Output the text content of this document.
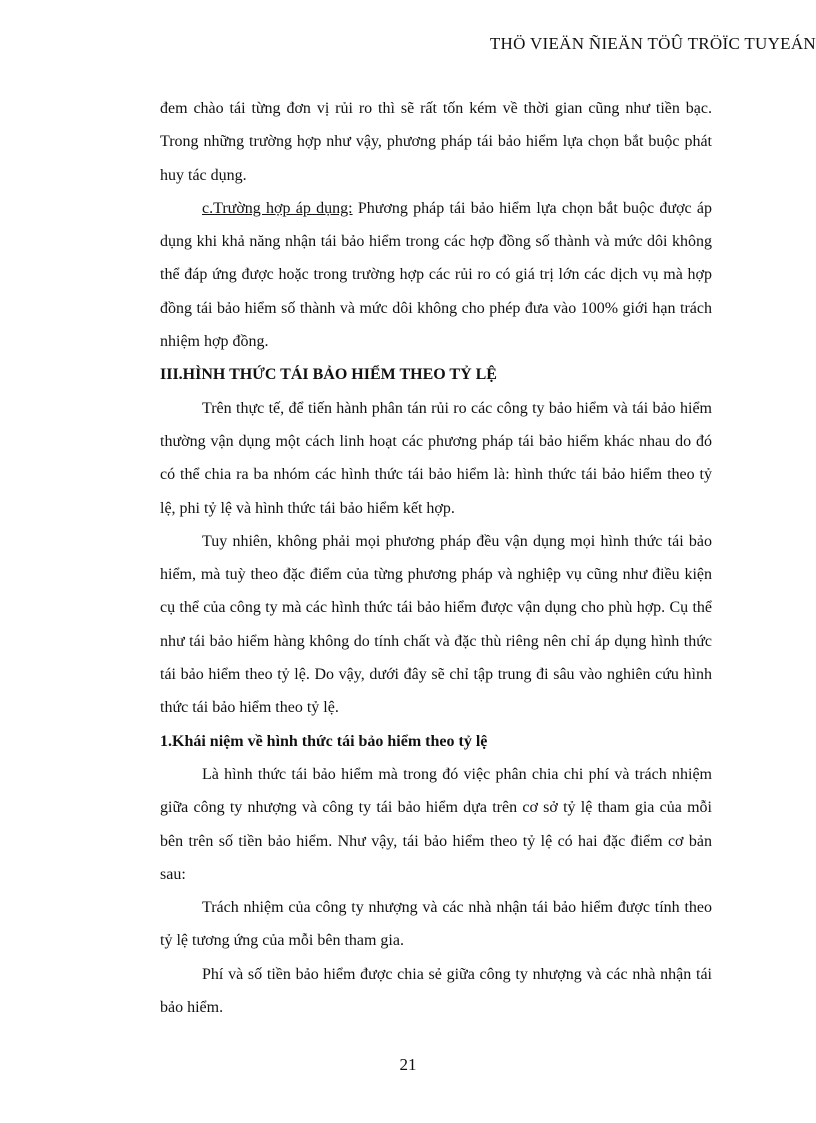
THÖ VIEÄN ÑIEÄN TÖÛ TRÖÏC TUYEÁN

đem chào tái từng đơn vị rủi ro thì sẽ rất tốn kém về thời gian cũng như tiền bạc. Trong những trường hợp như vậy, phương pháp tái bảo hiểm lựa chọn bắt buộc phát huy tác dụng.

c.Trường hợp áp dụng: Phương pháp tái bảo hiểm lựa chọn bắt buộc được áp dụng khi khả năng nhận tái bảo hiểm trong các hợp đồng số thành và mức dôi không thể đáp ứng được hoặc trong trường hợp các rủi ro có giá trị lớn các dịch vụ mà hợp đồng tái bảo hiểm số thành và mức dôi không cho phép đưa vào 100% giới hạn trách nhiệm hợp đồng.

III.HÌNH THỨC TÁI BẢO HIỂM THEO TỶ LỆ

Trên thực tế, để tiến hành phân tán rủi ro các công ty bảo hiểm và tái bảo hiểm thường vận dụng một cách linh hoạt các phương pháp tái bảo hiểm khác nhau do đó có thể chia ra ba nhóm các hình thức tái bảo hiểm là: hình thức tái bảo hiểm theo tỷ lệ, phi tỷ lệ và hình thức tái bảo hiểm kết hợp.

Tuy nhiên, không phải mọi phương pháp đều vận dụng mọi hình thức tái bảo hiểm, mà tuỳ theo đặc điểm của từng phương pháp và nghiệp vụ cũng như điều kiện cụ thể của công ty mà các hình thức tái bảo hiểm được vận dụng cho phù hợp. Cụ thể như tái bảo hiểm hàng không do tính chất và đặc thù riêng nên chỉ áp dụng hình thức tái bảo hiểm theo tỷ lệ. Do vậy, dưới đây sẽ chỉ tập trung đi sâu vào nghiên cứu hình thức tái bảo hiểm theo tỷ lệ.

1.Khái niệm về hình thức tái bảo hiểm theo tỷ lệ

Là hình thức tái bảo hiểm mà trong đó việc phân chia chi phí và trách nhiệm giữa công ty nhượng và công ty tái bảo hiểm dựa trên cơ sở tỷ lệ tham gia của mỗi bên trên số tiền bảo hiểm. Như vậy, tái bảo hiểm theo tỷ lệ có hai đặc điểm cơ bản sau:

Trách nhiệm của công ty nhượng và các nhà nhận tái bảo hiểm được tính theo tỷ lệ tương ứng của mỗi bên tham gia.

Phí và số tiền bảo hiểm được chia sẻ giữa công ty nhượng và các nhà nhận tái bảo hiểm.

21
